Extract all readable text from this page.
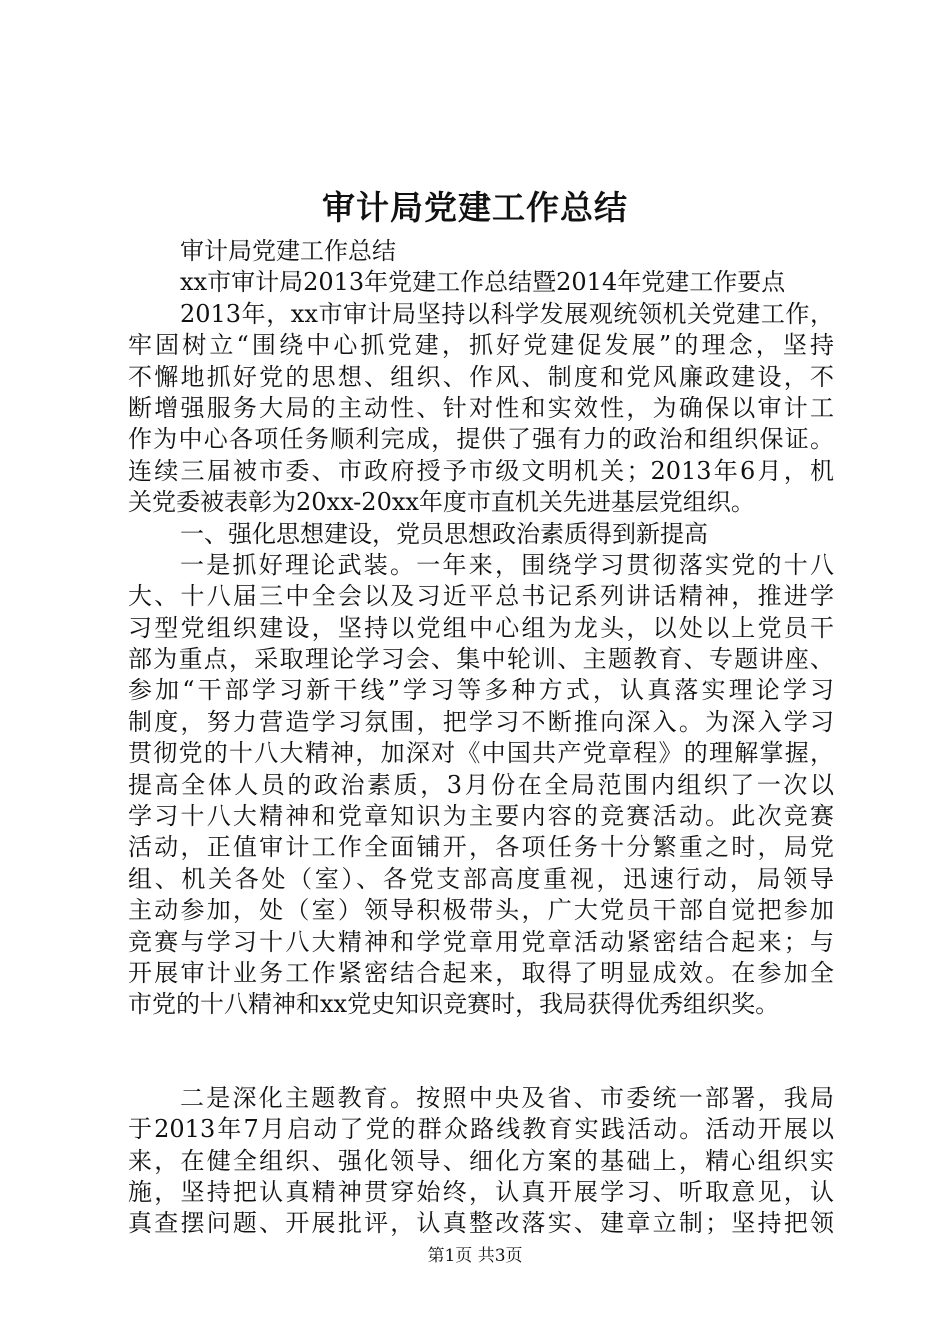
审计局党建工作总结
审计局党建工作总结
xx市审计局2013年党建工作总结暨2014年党建工作要点
2013年，xx市审计局坚持以科学发展观统领机关党建工作，
牢固树立“围绕中心抓党建，抓好党建促发展”的理念，坚持
不懈地抓好党的思想、组织、作风、制度和党风廉政建设，不
断增强服务大局的主动性、针对性和实效性，为确保以审计工
作为中心各项任务顺利完成，提供了强有力的政治和组织保证。
连续三届被市委、市政府授予市级文明机关；2013年6月，机
关党委被表彰为20xx-20xx年度市直机关先进基层党组织。
一、强化思想建设，党员思想政治素质得到新提高
一是抓好理论武装。一年来，围绕学习贯彻落实党的十八
大、十八届三中全会以及习近平总书记系列讲话精神，推进学
习型党组织建设，坚持以党组中心组为龙头，以处以上党员干
部为重点，采取理论学习会、集中轮训、主题教育、专题讲座、
参加“干部学习新干线”学习等多种方式，认真落实理论学习
制度，努力营造学习氛围，把学习不断推向深入。为深入学习
贯彻党的十八大精神，加深对《中国共产党章程》的理解掌握，
提高全体人员的政治素质，3月份在全局范围内组织了一次以
学习十八大精神和党章知识为主要内容的竞赛活动。此次竞赛
活动，正值审计工作全面铺开，各项任务十分繁重之时，局党
组、机关各处（室）、各党支部高度重视，迅速行动，局领导
主动参加，处（室）领导积极带头，广大党员干部自觉把参加
竞赛与学习十八大精神和学党章用党章活动紧密结合起来；与
开展审计业务工作紧密结合起来，取得了明显成效。在参加全
市党的十八精神和xx党史知识竞赛时，我局获得优秀组织奖。
二是深化主题教育。按照中央及省、市委统一部署，我局
于2013年7月启动了党的群众路线教育实践活动。活动开展以
来，在健全组织、强化领导、细化方案的基础上，精心组织实
施，坚持把认真精神贯穿始终，认真开展学习、听取意见，认
真查摆问题、开展批评，认真整改落实、建章立制；坚持把领
第1页 共3页
